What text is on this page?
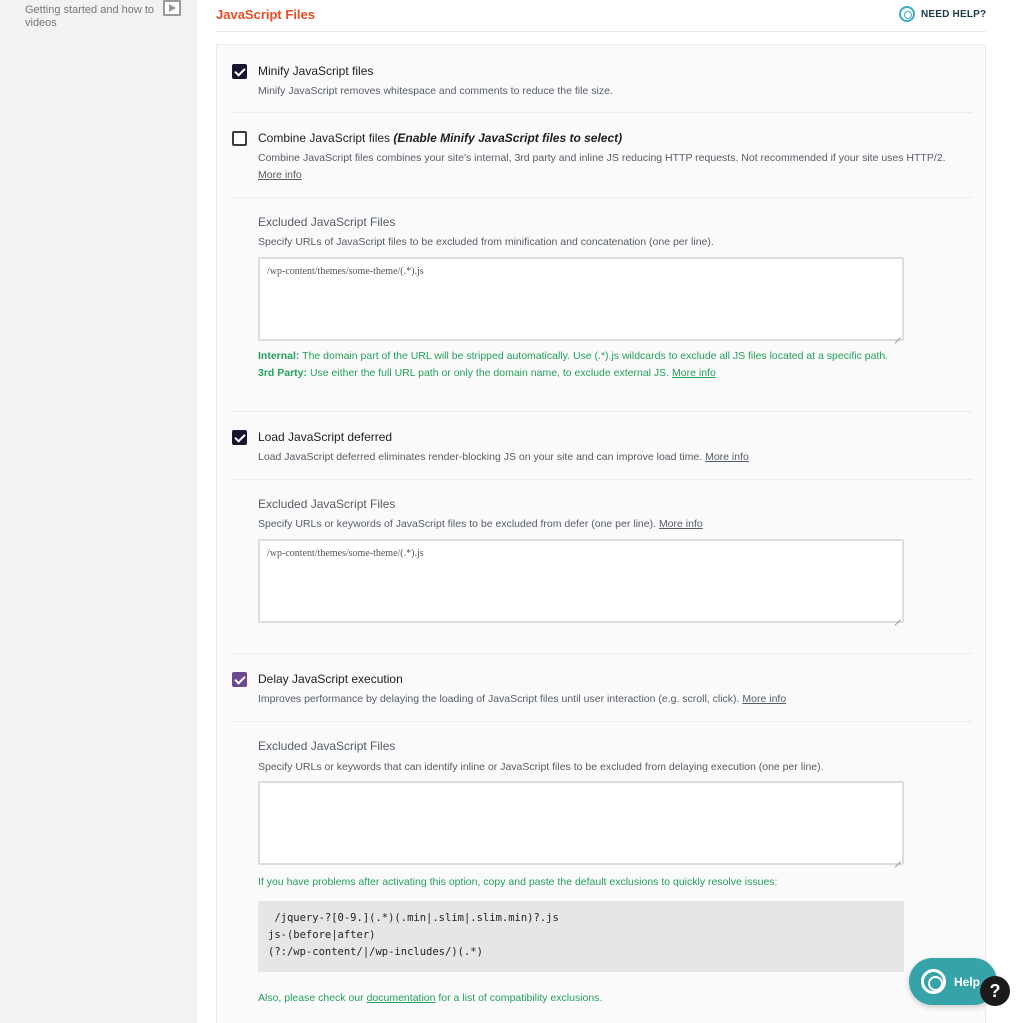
Getting started and how to videos
JavaScript Files	NEED HELP?
Minify JavaScript files
Minify JavaScript removes whitespace and comments to reduce the file size.
Combine JavaScript files (Enable Minify JavaScript files to select)
Combine JavaScript files combines your site's internal, 3rd party and inline JS reducing HTTP requests. Not recommended if your site uses HTTP/2.
More info
Excluded JavaScript Files
Specify URLs of JavaScript files to be excluded from minification and concatenation (one per line).
/wp-content/themes/some-theme/(.*).js
Internal: The domain part of the URL will be stripped automatically. Use (.*).js wildcards to exclude all JS files located at a specific path.
3rd Party: Use either the full URL path or only the domain name, to exclude external JS. More info
Load JavaScript deferred
Load JavaScript deferred eliminates render-blocking JS on your site and can improve load time. More info
Excluded JavaScript Files
Specify URLs or keywords of JavaScript files to be excluded from defer (one per line). More info
/wp-content/themes/some-theme/(.*).js
Delay JavaScript execution
Improves performance by delaying the loading of JavaScript files until user interaction (e.g. scroll, click). More info
Excluded JavaScript Files
Specify URLs or keywords that can identify inline or JavaScript files to be excluded from delaying execution (one per line).
If you have problems after activating this option, copy and paste the default exclusions to quickly resolve issues:
/jquery-?[0-9.](.*)(.min|.slim|.slim.min)?.js
js-(before|after)
(?:/wp-content/|/wp-includes/)(.*)
Also, please check our documentation for a list of compatibility exclusions.
Help ?
